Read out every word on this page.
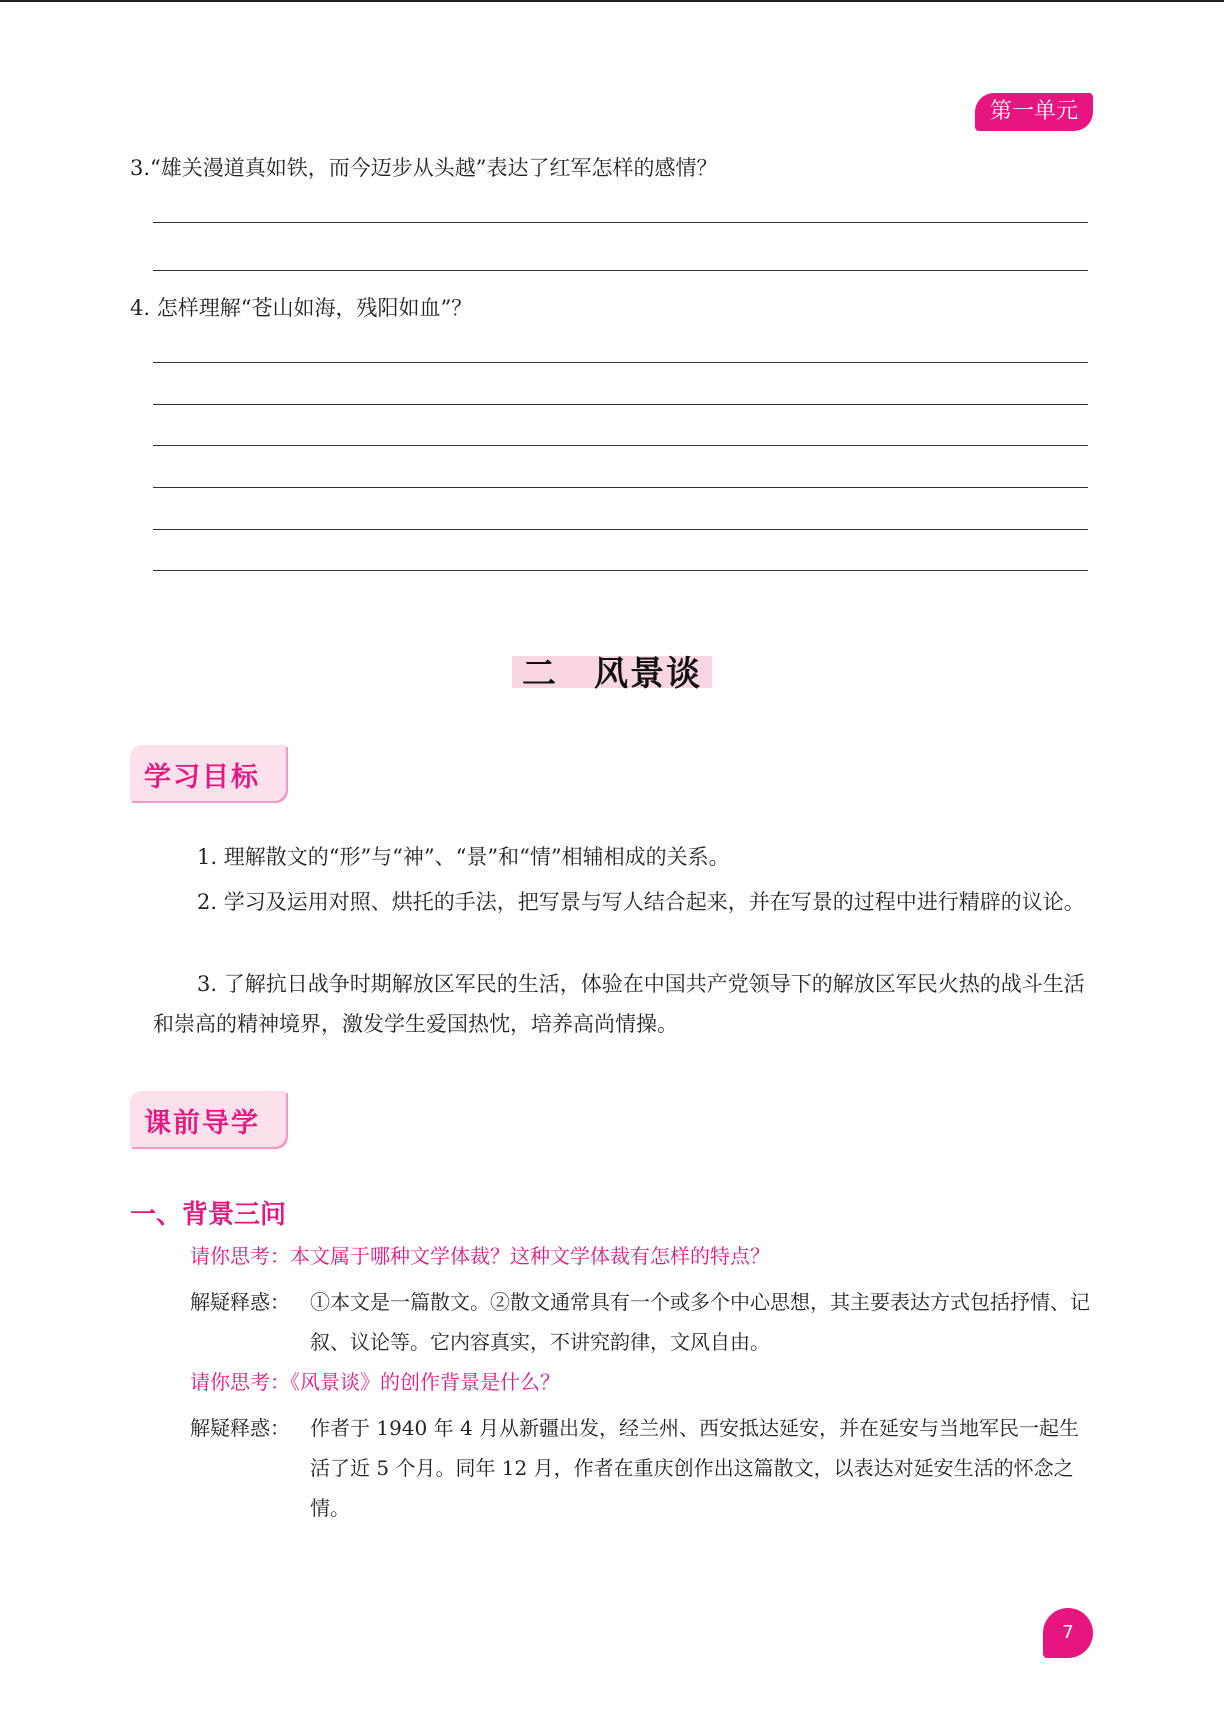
第一单元
3.“雄关漫道真如铁，而今迈步从头越”表达了红军怎样的感情？
4. 怎样理解“苍山如海，残阳如血”？
二　风景谈
学习目标
1. 理解散文的“形”与“神”、“景”和“情”相辅相成的关系。
2. 学习及运用对照、烘托的手法，把写景与写人结合起来，并在写景的过程中进行精辟的议论。
3. 了解抗日战争时期解放区军民的生活，体验在中国共产党领导下的解放区军民火热的战斗生活和崇高的精神境界，激发学生爱国热忱，培养高尚情操。
课前导学
一、背景三问
请你思考：本文属于哪种文学体裁？这种文学体裁有怎样的特点？
解疑释惑： ①本文是一篇散文。②散文通常具有一个或多个中心思想，其主要表达方式包括抒情、记叙、议论等。它内容真实，不讲究韵律，文风自由。
请你思考：《风景谈》的创作背景是什么？
解疑释惑： 作者于 1940 年 4 月从新疆出发，经兰州、西安抵达延安，并在延安与当地军民一起生活了近 5 个月。同年 12 月，作者在重庆创作出这篇散文，以表达对延安生活的怀念之情。
7
